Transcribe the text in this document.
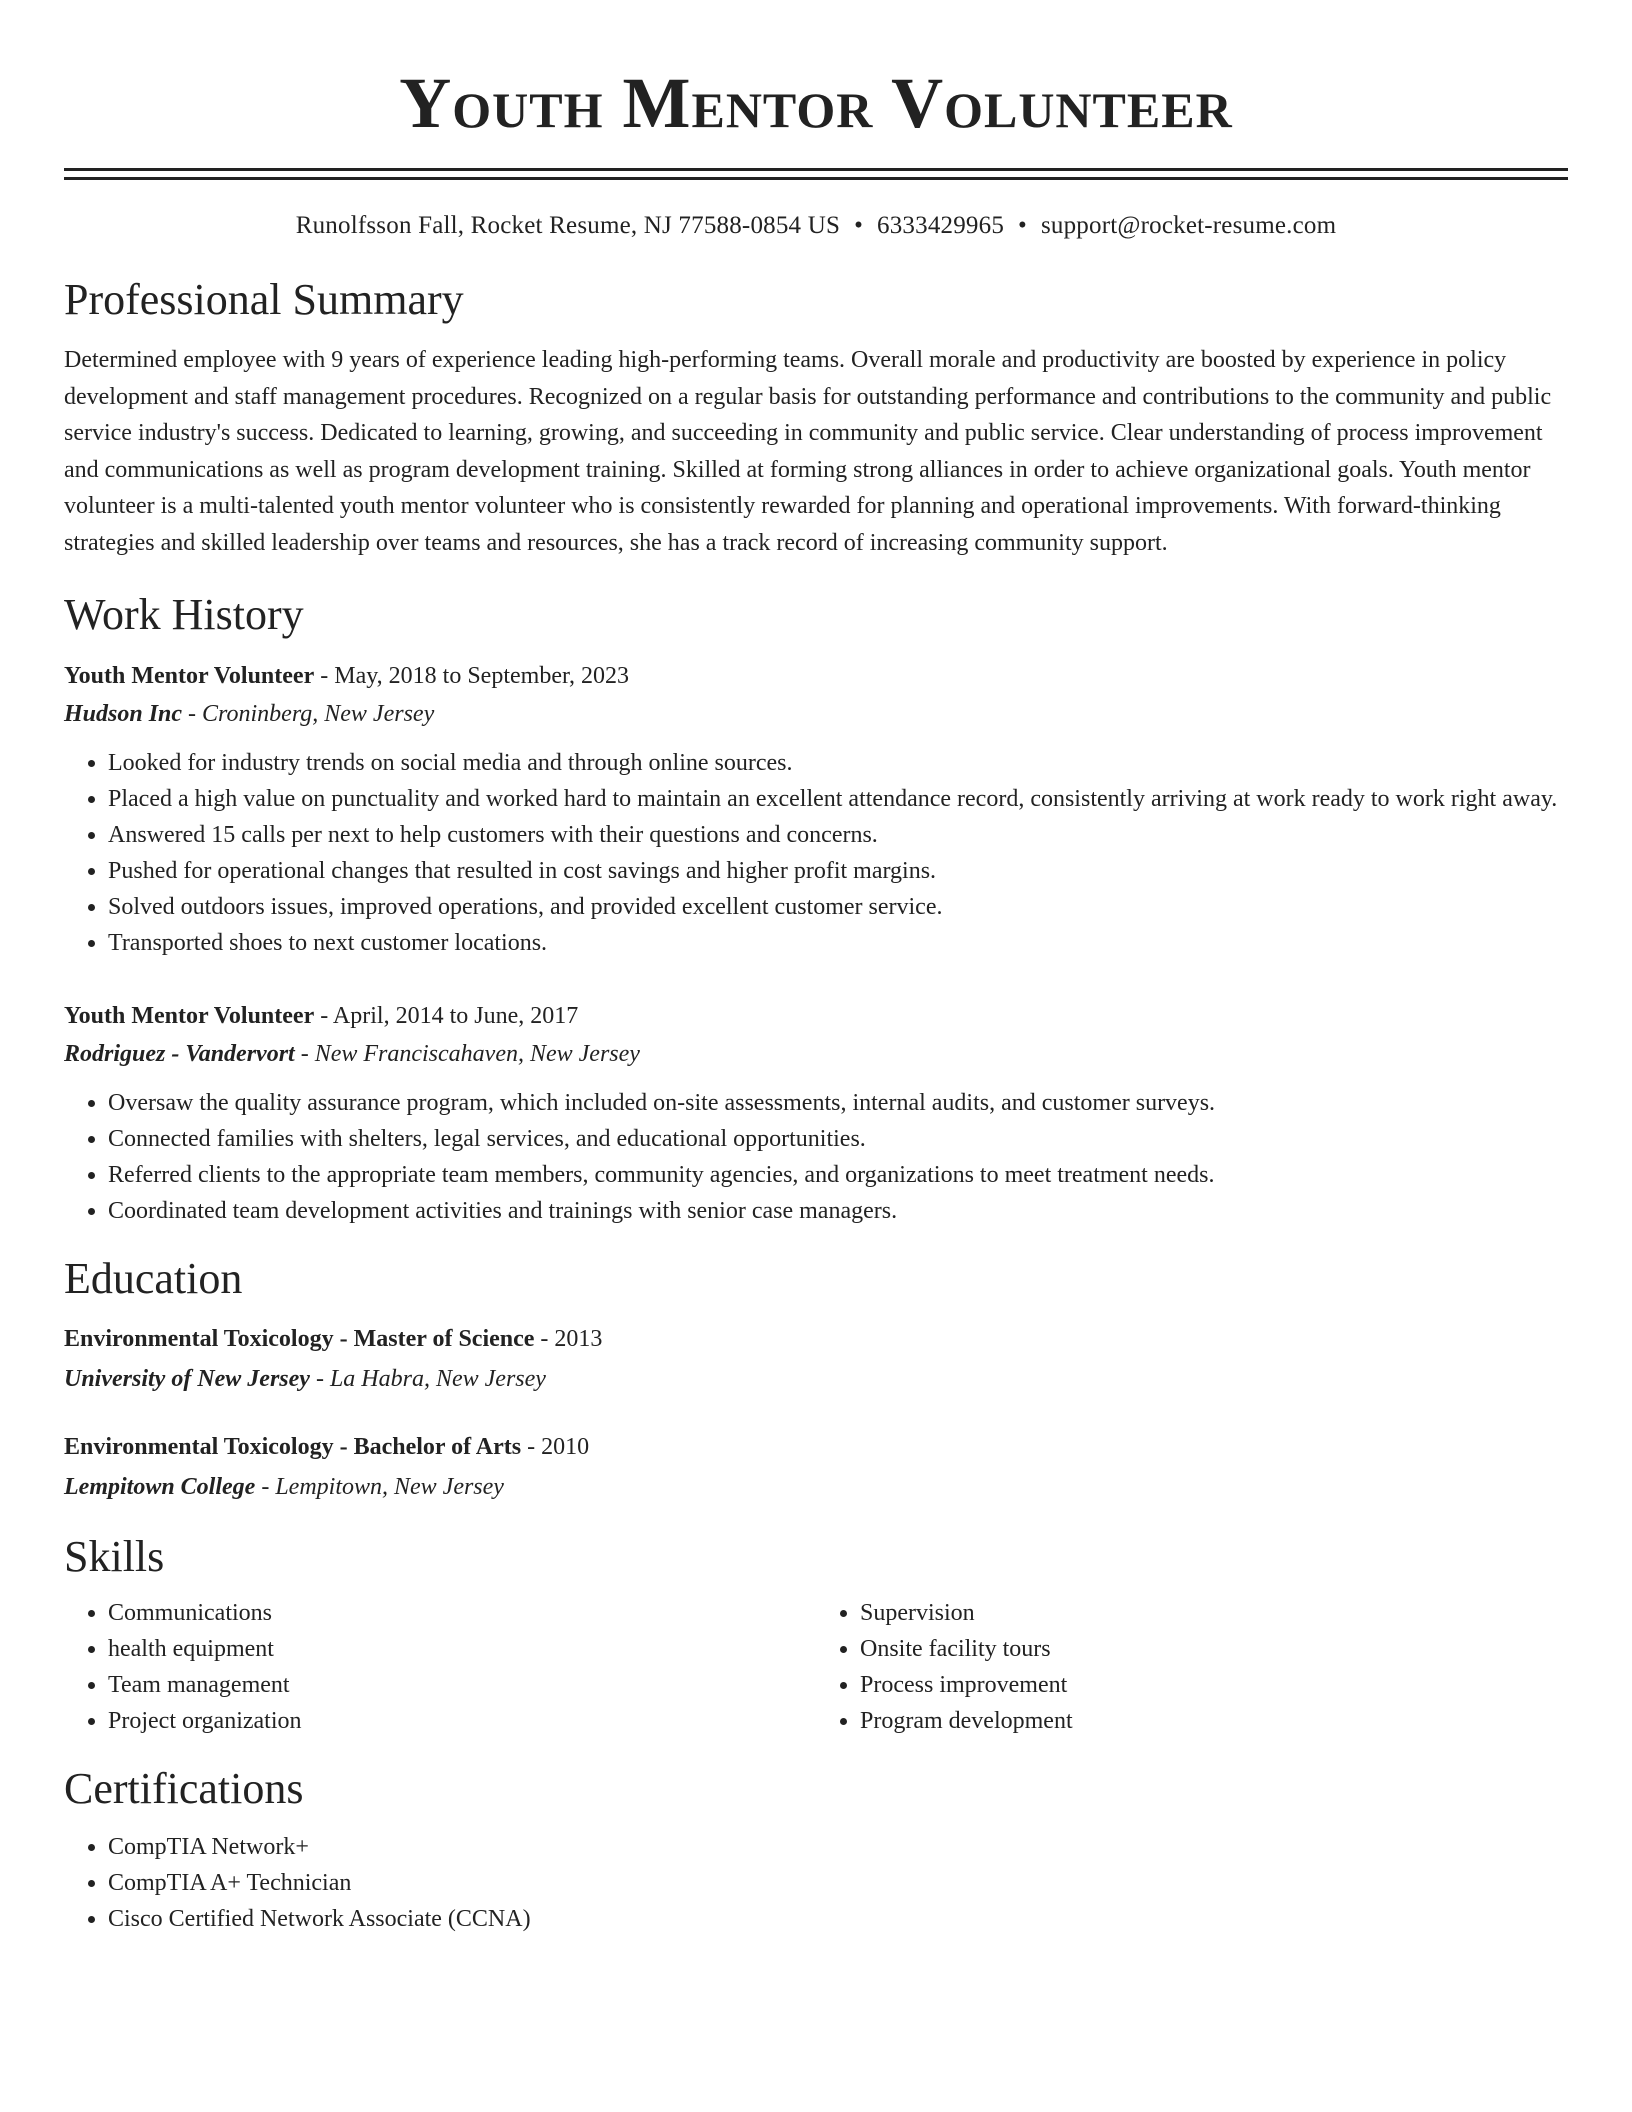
Youth Mentor Volunteer
Runolfsson Fall, Rocket Resume, NJ 77588-0854 US • 6333429965 • support@rocket-resume.com
Professional Summary

Determined employee with 9 years of experience leading high-performing teams. Overall morale and productivity are boosted by experience in policy development and staff management procedures. Recognized on a regular basis for outstanding performance and contributions to the community and public service industry's success. Dedicated to learning, growing, and succeeding in community and public service. Clear understanding of process improvement and communications as well as program development training. Skilled at forming strong alliances in order to achieve organizational goals. Youth mentor volunteer is a multi-talented youth mentor volunteer who is consistently rewarded for planning and operational improvements. With forward-thinking strategies and skilled leadership over teams and resources, she has a track record of increasing community support.

Work History
Youth Mentor Volunteer - May, 2018 to September, 2023
Hudson Inc - Croninberg, New Jersey
• Looked for industry trends on social media and through online sources.
• Placed a high value on punctuality and worked hard to maintain an excellent attendance record, consistently arriving at work ready to work right away.
• Answered 15 calls per next to help customers with their questions and concerns.
• Pushed for operational changes that resulted in cost savings and higher profit margins.
• Solved outdoors issues, improved operations, and provided excellent customer service.
• Transported shoes to next customer locations.
Youth Mentor Volunteer - April, 2014 to June, 2017
Rodriguez - Vandervort - New Franciscahaven, New Jersey
• Oversaw the quality assurance program, which included on-site assessments, internal audits, and customer surveys.
• Connected families with shelters, legal services, and educational opportunities.
• Referred clients to the appropriate team members, community agencies, and organizations to meet treatment needs.
• Coordinated team development activities and trainings with senior case managers.
Education
Environmental Toxicology - Master of Science - 2013
University of New Jersey - La Habra, New Jersey
Environmental Toxicology - Bachelor of Arts - 2010
Lempitown College - Lempitown, New Jersey
Skills
• Communications
• health equipment
• Team management
• Project organization
• Supervision
• Onsite facility tours
• Process improvement
• Program development
Certifications
• CompTIA Network+
• CompTIA A+ Technician
• Cisco Certified Network Associate (CCNA)
